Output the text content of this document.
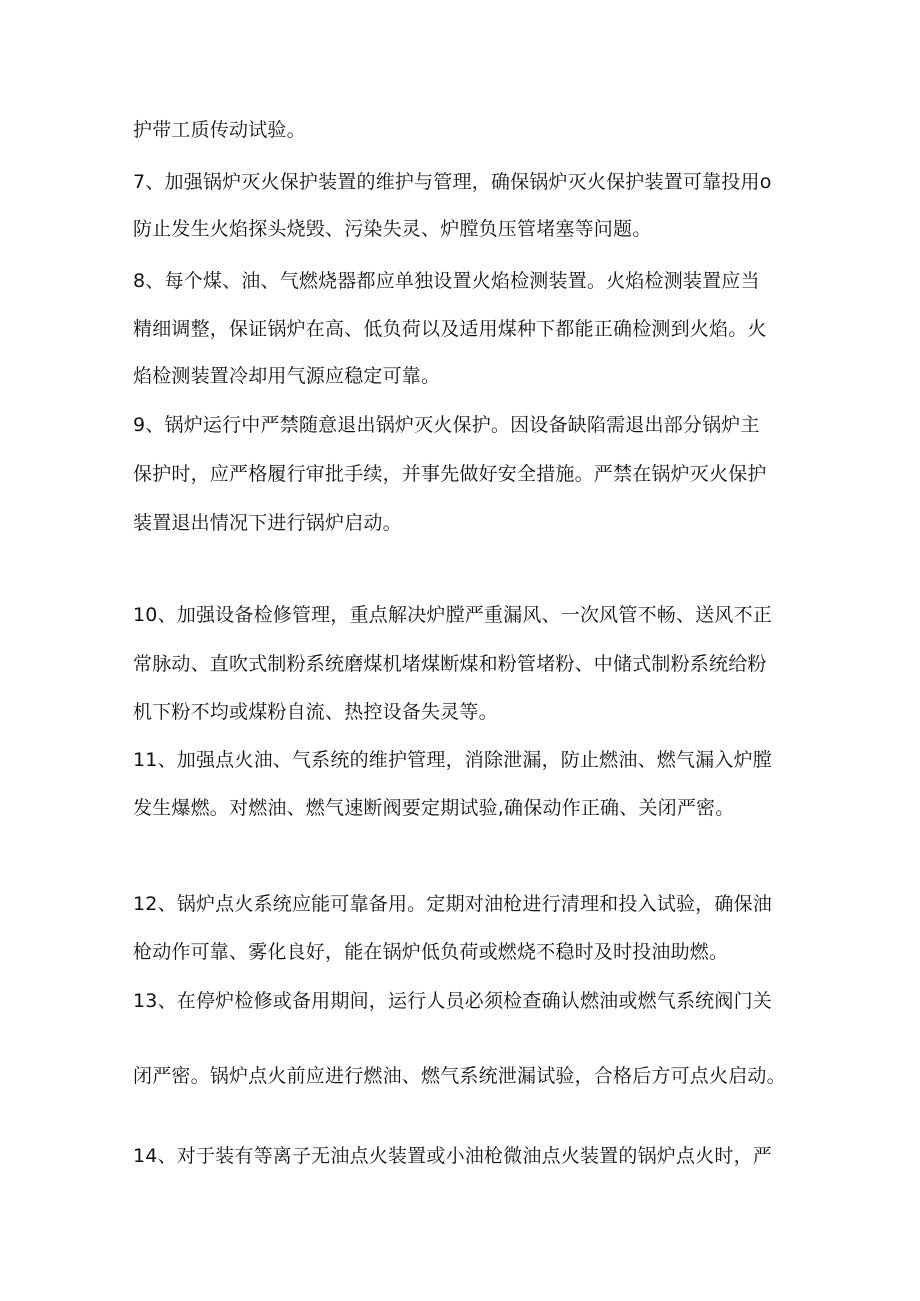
护带工质传动试验。
7、加强锅炉灭火保护装置的维护与管理，确保锅炉灭火保护装置可靠投用o
防止发生火焰探头烧毁、污染失灵、炉膛负压管堵塞等问题。
8、每个煤、油、气燃烧器都应单独设置火焰检测装置。火焰检测装置应当
精细调整，保证锅炉在高、低负荷以及适用煤种下都能正确检测到火焰。火
焰检测装置冷却用气源应稳定可靠。
9、锅炉运行中严禁随意退出锅炉灭火保护。因设备缺陷需退出部分锅炉主
保护时，应严格履行审批手续，并事先做好安全措施。严禁在锅炉灭火保护
装置退出情况下进行锅炉启动。
10、加强设备检修管理，重点解决炉膛严重漏风、一次风管不畅、送风不正
常脉动、直吹式制粉系统磨煤机堵煤断煤和粉管堵粉、中储式制粉系统给粉
机下粉不均或煤粉自流、热控设备失灵等。
11、加强点火油、气系统的维护管理，消除泄漏，防止燃油、燃气漏入炉膛
发生爆燃。对燃油、燃气速断阀要定期试验,确保动作正确、关闭严密。
12、锅炉点火系统应能可靠备用。定期对油枪进行清理和投入试验，确保油
枪动作可靠、雾化良好，能在锅炉低负荷或燃烧不稳时及时投油助燃。
13、在停炉检修或备用期间，运行人员必须检查确认燃油或燃气系统阀门关
闭严密。锅炉点火前应进行燃油、燃气系统泄漏试验，合格后方可点火启动。
14、对于装有等离子无油点火装置或小油枪微油点火装置的锅炉点火时，严
